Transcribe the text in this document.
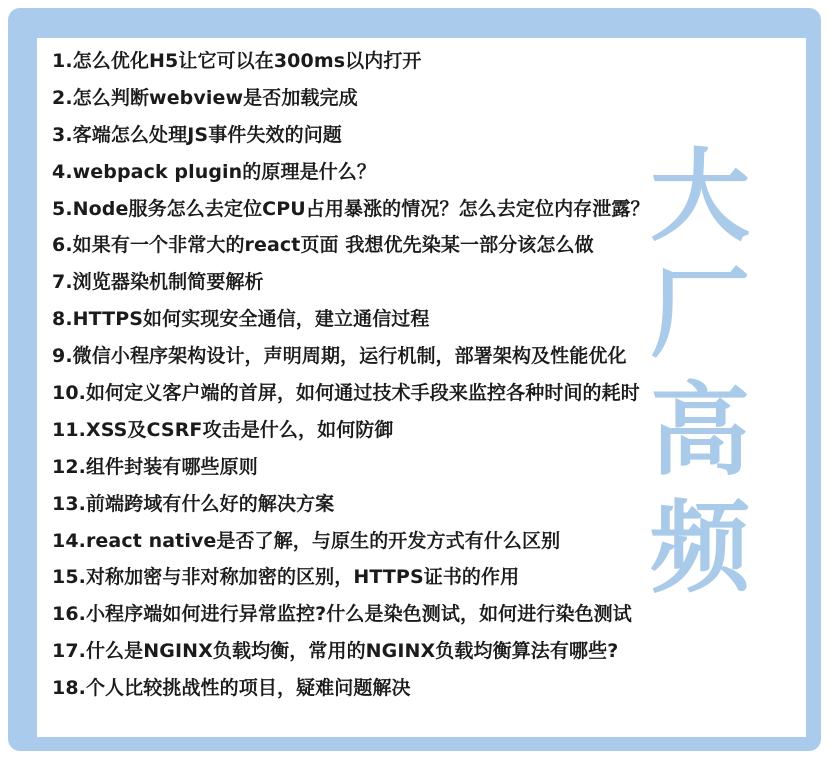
大
厂
高
频
1.怎么优化H5让它可以在300ms以内打开
2.怎么判断webview是否加载完成
3.客端怎么处理JS事件失效的问题
4.webpack plugin的原理是什么？
5.Node服务怎么去定位CPU占用暴涨的情况？怎么去定位内存泄露？
6.如果有一个非常大的react页面 我想优先染某一部分该怎么做
7.浏览器染机制简要解析
8.HTTPS如何实现安全通信，建立通信过程
9.微信小程序架构设计，声明周期，运行机制，部署架构及性能优化
10.如何定义客户端的首屏，如何通过技术手段来监控各种时间的耗时
11.XSS及CSRF攻击是什么，如何防御
12.组件封装有哪些原则
13.前端跨域有什么好的解决方案
14.react native是否了解，与原生的开发方式有什么区别
15.对称加密与非对称加密的区别，HTTPS证书的作用
16.小程序端如何进行异常监控?什么是染色测试，如何进行染色测试
17.什么是NGINX负载均衡，常用的NGINX负载均衡算法有哪些?
18.个人比较挑战性的项目，疑难问题解决
